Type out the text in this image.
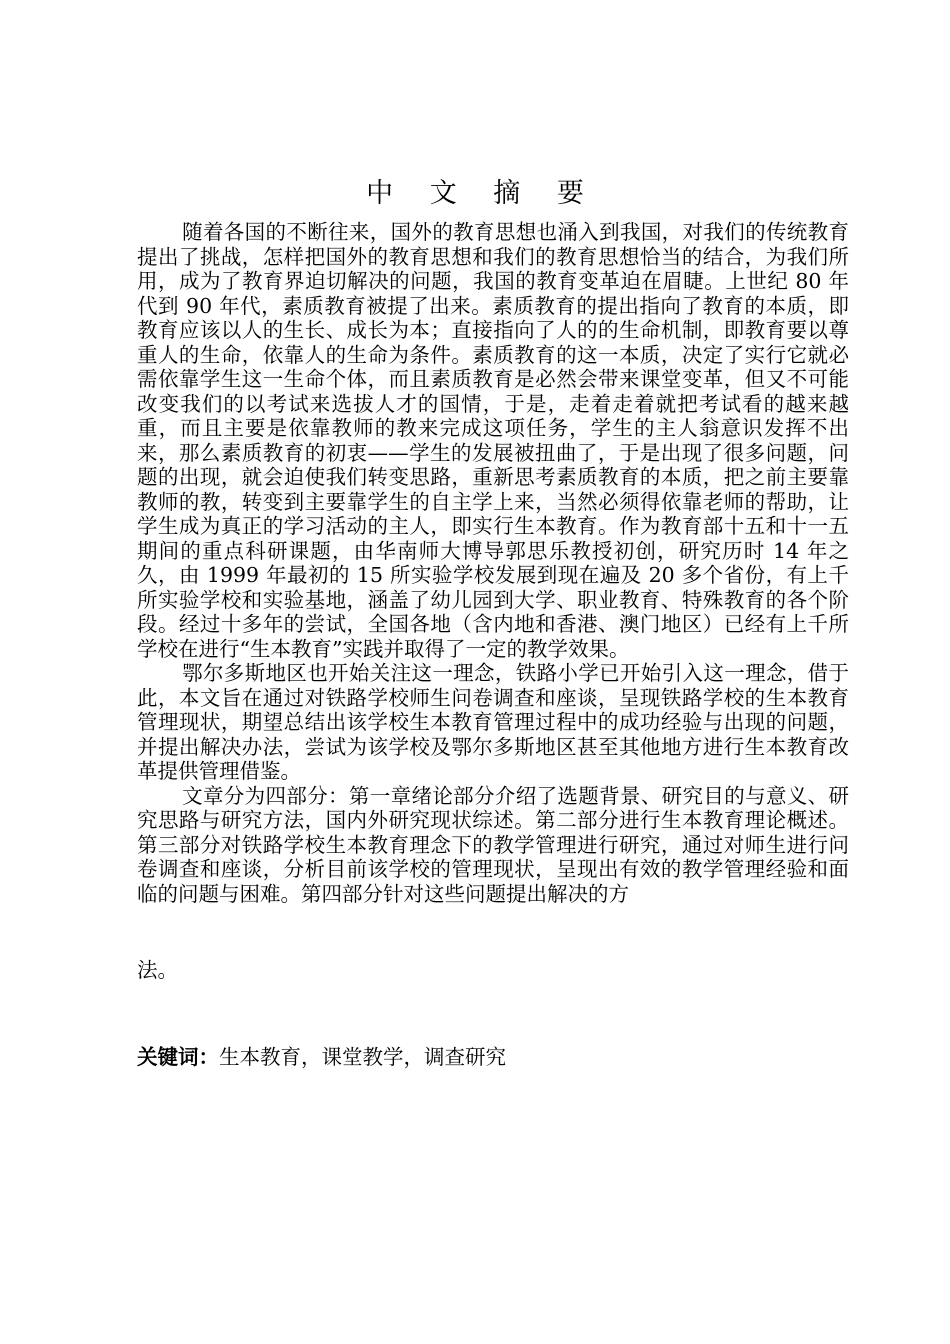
中 文 摘 要

随着各国的不断往来，国外的教育思想也涌入到我国，对我们的传统教育提出了挑战，怎样把国外的教育思想和我们的教育思想恰当的结合，为我们所用，成为了教育界迫切解决的问题，我国的教育变革迫在眉睫。上世纪 80 年代到 90 年代，素质教育被提了出来。素质教育的提出指向了教育的本质，即教育应该以人的生长、成长为本；直接指向了人的的生命机制，即教育要以尊重人的生命，依靠人的生命为条件。素质教育的这一本质，决定了实行它就必需依靠学生这一生命个体，而且素质教育是必然会带来课堂变革，但又不可能改变我们的以考试来选拔人才的国情，于是，走着走着就把考试看的越来越重，而且主要是依靠教师的教来完成这项任务，学生的主人翁意识发挥不出来，那么素质教育的初衷——学生的发展被扭曲了，于是出现了很多问题，问题的出现，就会迫使我们转变思路，重新思考素质教育的本质，把之前主要靠教师的教，转变到主要靠学生的自主学上来，当然必须得依靠老师的帮助，让学生成为真正的学习活动的主人，即实行生本教育。作为教育部十五和十一五期间的重点科研课题，由华南师大博导郭思乐教授初创，研究历时 14 年之久，由 1999 年最初的 15 所实验学校发展到现在遍及 20 多个省份，有上千所实验学校和实验基地，涵盖了幼儿园到大学、职业教育、特殊教育的各个阶段。经过十多年的尝试，全国各地（含内地和香港、澳门地区）已经有上千所学校在进行“生本教育”实践并取得了一定的教学效果。

鄂尔多斯地区也开始关注这一理念，铁路小学已开始引入这一理念，借于此，本文旨在通过对铁路学校师生问卷调查和座谈，呈现铁路学校的生本教育管理现状，期望总结出该学校生本教育管理过程中的成功经验与出现的问题，并提出解决办法，尝试为该学校及鄂尔多斯地区甚至其他地方进行生本教育改革提供管理借鉴。

文章分为四部分：第一章绪论部分介绍了选题背景、研究目的与意义、研究思路与研究方法，国内外研究现状综述。第二部分进行生本教育理论概述。第三部分对铁路学校生本教育理念下的教学管理进行研究，通过对师生进行问卷调查和座谈，分析目前该学校的管理现状，呈现出有效的教学管理经验和面临的问题与困难。第四部分针对这些问题提出解决的方

法。
关键词：生本教育，课堂教学，调查研究
